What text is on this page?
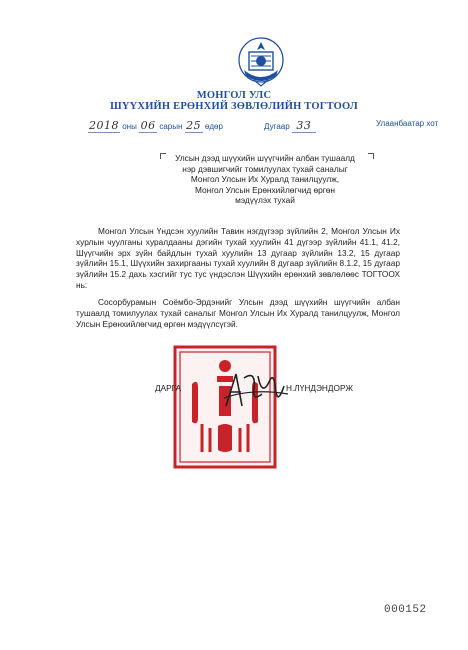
МОНГОЛ УЛС
ШҮҮХИЙН ЕРӨНХИЙ ЗӨВЛӨЛИЙН ТОГТООЛ
2018 оны 06 сарын 25 өдөр	Дугаар 33	Улаанбаатар хот
Улсын дээд шүүхийн шүүгчийн албан тушаалд
нэр дэвшигчийг томилуулах тухай саналыг
Монгол Улсын Их Хуралд танилцуулж,
Монгол Улсын Ерөнхийлөгчид өргөн
мэдүүлэх тухай
Монгол Улсын Үндсэн хуулийн Тавин нэгдүгээр зүйлийн 2, Монгол Улсын Их хурлын чуулганы хуралдааны дэгийн тухай хуулийн 41 дүгээр зүйлийн 41.1, 41.2, Шүүгчийн эрх зүйн байдлын тухай хуулийн 13 дугаар зүйлийн 13.2, 15 дугаар зүйлийн 15.1, Шүүхийн захиргааны тухай хуулийн 8 дугаар зүйлийн 8.1.2, 15 дугаар зүйлийн 15.2 дахь хэсгийг тус тус үндэслэн Шүүхийн ерөнхий зөвлөлөөс ТОГТООХ нь:
Сосорбурамын Соёмбо-Эрдэнийг Улсын дээд шүүхийн шүүгчийн албан тушаалд томилуулах тухай саналыг Монгол Улсын Их Хуралд танилцуулж, Монгол Улсын Ерөнхийлөгчид өргөн мэдүүлсүгэй.
ДАРГА	Н.ЛҮНДЭНДОРЖ
000152
